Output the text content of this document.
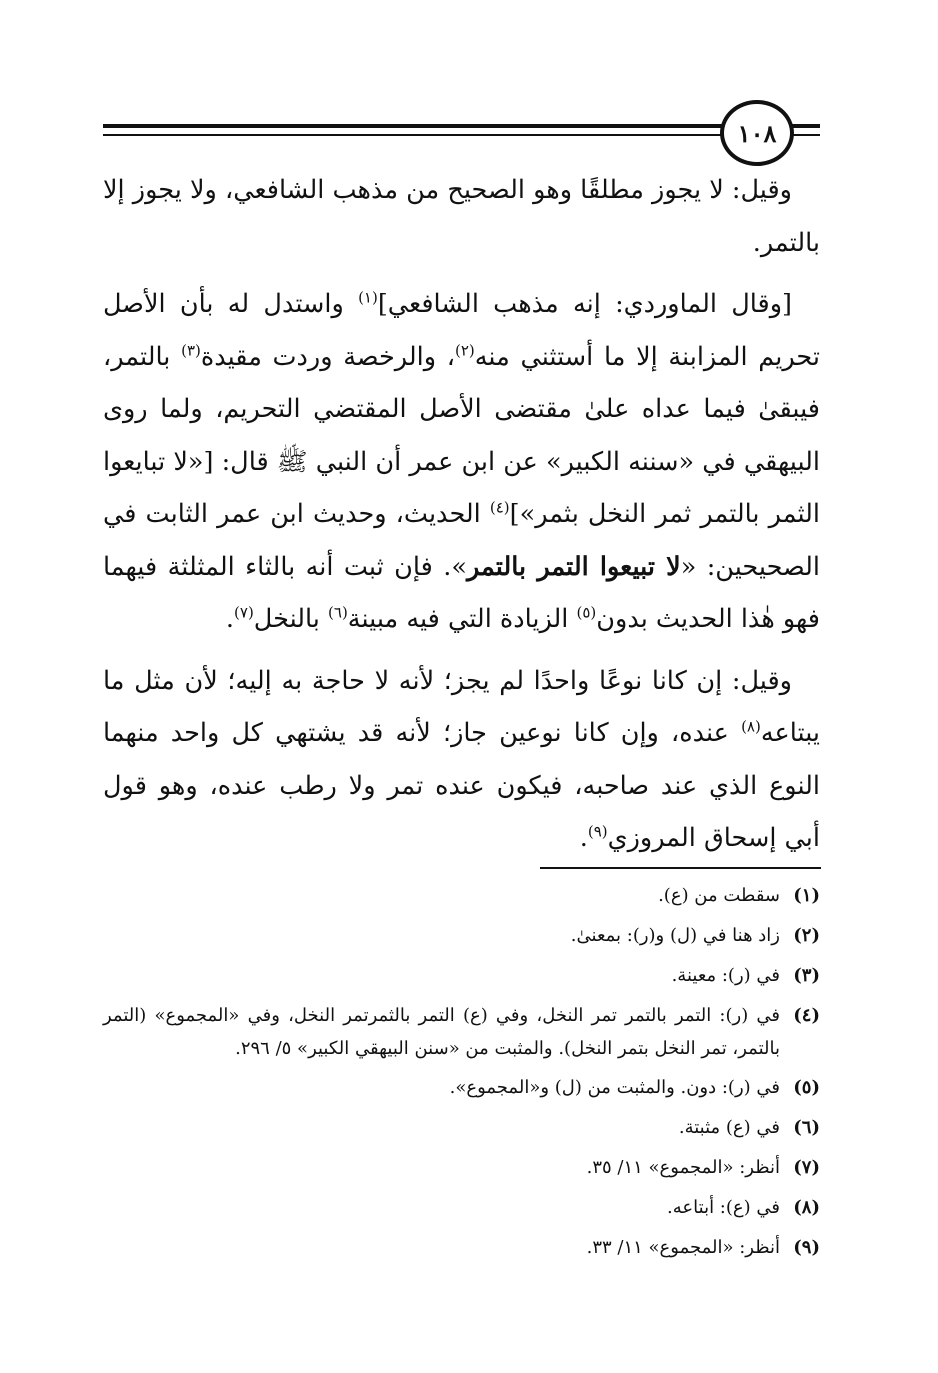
١٠٨

وقيل: لا يجوز مطلقًا وهو الصحيح من مذهب الشافعي، ولا يجوز إلا بالتمر.

[وقال الماوردي: إنه مذهب الشافعي]$^{(١)}$ واستدل له بأن الأصل تحريم المزابنة إلا ما أستثني منه$^{(٢)}$، والرخصة وردت مقيدة$^{(٣)}$ بالتمر، فيبقىٰ فيما عداه علىٰ مقتضى الأصل المقتضي التحريم، ولما روى البيهقي في «سننه الكبير» عن ابن عمر أن النبي ﷺ قال: [«لا تبايعوا الثمر بالتمر ثمر النخل بثمر»]$^{(٤)}$ الحديث، وحديث ابن عمر الثابت في الصحيحين: «لا تبيعوا التمر بالتمر». فإن ثبت أنه بالثاء المثلثة فيهما فهو هٰذا الحديث بدون$^{(٥)}$ الزيادة التي فيه مبينة$^{(٦)}$ بالنخل$^{(٧)}$.

وقيل: إن كانا نوعًا واحدًا لم يجز؛ لأنه لا حاجة به إليه؛ لأن مثل ما يبتاعه$^{(٨)}$ عنده، وإن كانا نوعين جاز؛ لأنه قد يشتهي كل واحد منهما النوع الذي عند صاحبه، فيكون عنده تمر ولا رطب عنده، وهو قول أبي إسحاق المروزي$^{(٩)}$.

(١)
سقطت من (ع).
(٢)
زاد هنا في (ل) و(ر): بمعنىٰ.
(٣)
في (ر): معينة.
(٤)
في (ر): التمر بالتمر تمر النخل، وفي (ع) التمر بالثمرتمر النخل، وفي «المجموع» (التمر بالتمر، تمر النخل بتمر النخل). والمثبت من «سنن البيهقي الكبير» ٥/ ٢٩٦.
(٥)
في (ر): دون. والمثبت من (ل) و«المجموع».
(٦)
في (ع) مثبتة.
(٧)
أنظر: «المجموع» ١١/ ٣٥.
(٨)
في (ع): أبتاعه.
(٩)
أنظر: «المجموع» ١١/ ٣٣.
